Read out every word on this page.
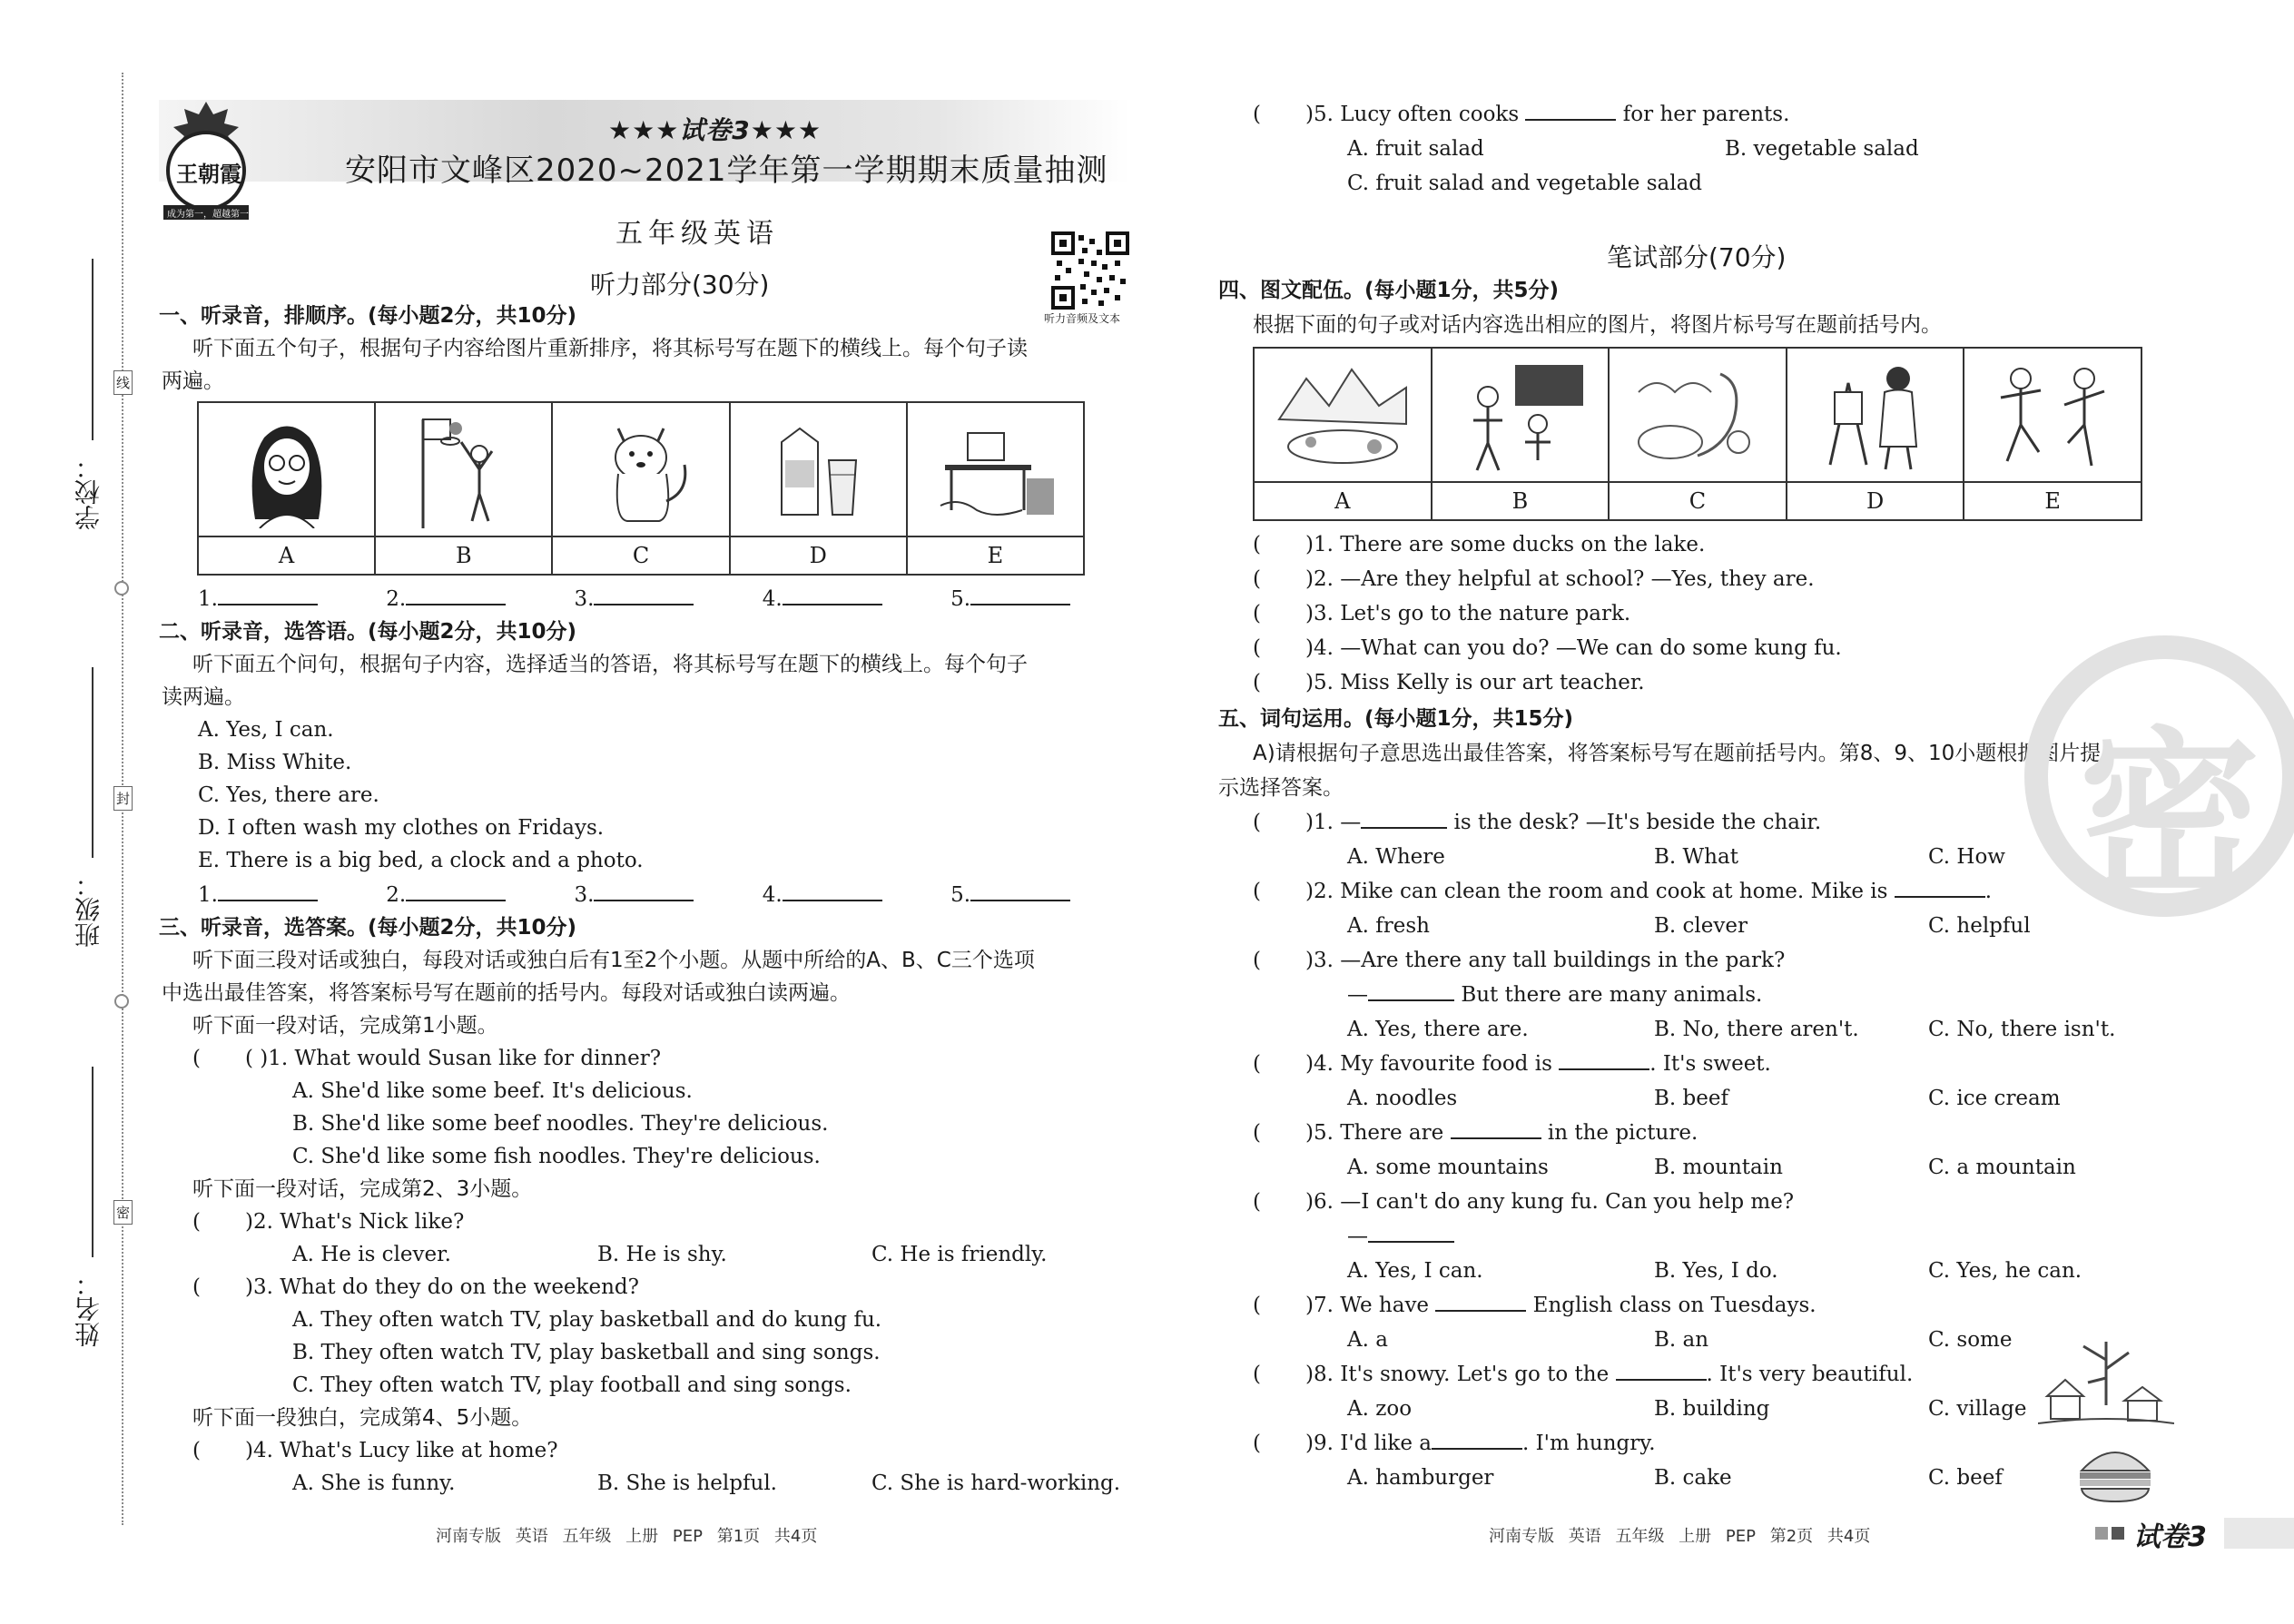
学校：
班级：
姓名：
线
封
密
王朝霞
成为第一，超越第一
★★★试卷3★★★
安阳市文峰区2020~2021学年第一学期期末质量抽测
五年级英语
听力部分(30分)
听力音频及文本
一、听录音，排顺序。(每小题2分，共10分)
听下面五个句子，根据句子内容给图片重新排序，将其标号写在题下的横线上。每个句子读
两遍。
A	B	C	D	E
1.	2.	3.	4.	5.
二、听录音，选答语。(每小题2分，共10分)
听下面五个问句，根据句子内容，选择适当的答语，将其标号写在题下的横线上。每个句子
读两遍。
A. Yes, I can.
B. Miss White.
C. Yes, there are.
D. I often wash my clothes on Fridays.
E. There is a big bed, a clock and a photo.
1.	2.	3.	4.	5.
三、听录音，选答案。(每小题2分，共10分)
听下面三段对话或独白，每段对话或独白后有1至2个小题。从题中所给的A、B、C三个选项
中选出最佳答案，将答案标号写在题前的括号内。每段对话或独白读两遍。
听下面一段对话，完成第1小题。
( ( )1. What would Susan like for dinner?
A. She'd like some beef. It's delicious.
B. She'd like some beef noodles. They're delicious.
C. She'd like some fish noodles. They're delicious.
听下面一段对话，完成第2、3小题。
( )2. What's Nick like?
A. He is clever.	B. He is shy.	C. He is friendly.
( )3. What do they do on the weekend?
A. They often watch TV, play basketball and do kung fu.
B. They often watch TV, play basketball and sing songs.
C. They often watch TV, play football and sing songs.
听下面一段独白，完成第4、5小题。
( )4. What's Lucy like at home?
A. She is funny.	B. She is helpful.	C. She is hard-working.
河南专版 英语 五年级 上册 PEP 第1页 共4页
( )5. Lucy often cooks	for her parents.
A. fruit salad	B. vegetable salad
C. fruit salad and vegetable salad
笔试部分(70分)
四、图文配伍。(每小题1分，共5分)
根据下面的句子或对话内容选出相应的图片，将图片标号写在题前括号内。
A	B	C	D	E
( )1. There are some ducks on the lake.
( )2. —Are they helpful at school? —Yes, they are.
( )3. Let's go to the nature park.
( )4. —What can you do? —We can do some kung fu.
( )5. Miss Kelly is our art teacher.
五、词句运用。(每小题1分，共15分)
A)请根据句子意思选出最佳答案，将答案标号写在题前括号内。第8、9、10小题根据图片提
示选择答案。
( )1. —	is the desk? —It's beside the chair.
A. Where	B. What	C. How
( )2. Mike can clean the room and cook at home. Mike is	.
A. fresh	B. clever	C. helpful
( )3. —Are there any tall buildings in the park?
—	But there are many animals.
A. Yes, there are.	B. No, there aren't.	C. No, there isn't.
( )4. My favourite food is	. It's sweet.
A. noodles	B. beef	C. ice cream
( )5. There are	in the picture.
A. some mountains	B. mountain	C. a mountain
( )6. —I can't do any kung fu. Can you help me?
—
A. Yes, I can.	B. Yes, I do.	C. Yes, he can.
( )7. We have	English class on Tuesdays.
A. a	B. an	C. some
( )8. It's snowy. Let's go to the	. It's very beautiful.
A. zoo	B. building	C. village
( )9. I'd like a	. I'm hungry.
A. hamburger	B. cake	C. beef
密
河南专版 英语 五年级 上册 PEP 第2页 共4页	试卷3
